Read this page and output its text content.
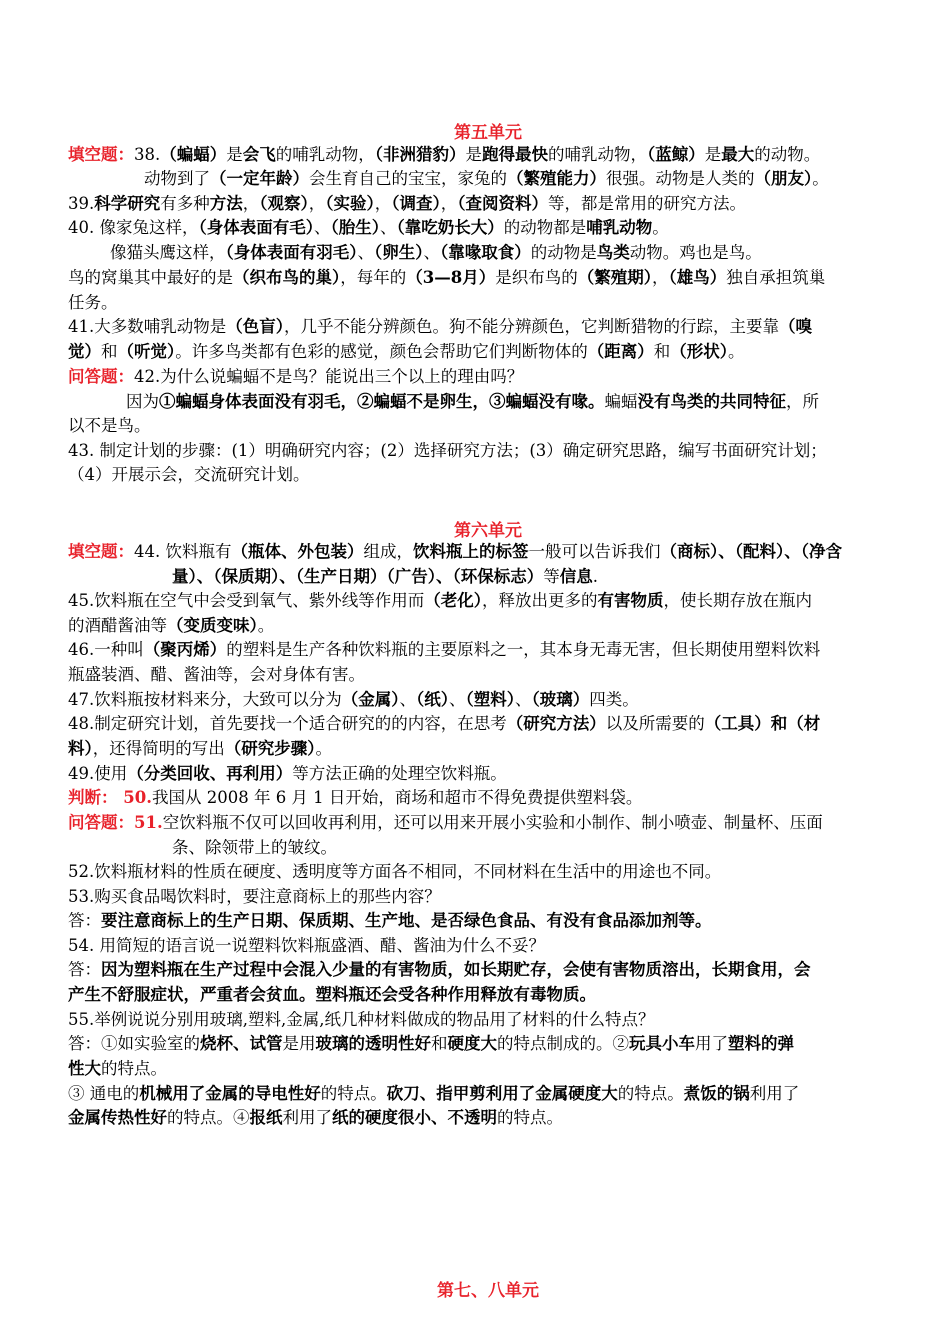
第五单元
填空题：38.（蝙蝠）是会飞的哺乳动物，（非洲猎豹）是跑得最快的哺乳动物，（蓝鲸）是最大的动物。
动物到了（一定年龄）会生育自己的宝宝，家兔的（繁殖能力）很强。动物是人类的（朋友）。
39.科学研究有多种方法，（观察），（实验），（调查），（查阅资料）等，都是常用的研究方法。
40. 像家兔这样，（身体表面有毛）、（胎生）、（靠吃奶长大）的动物都是哺乳动物。
像猫头鹰这样，（身体表面有羽毛）、（卵生）、（靠喙取食）的动物是鸟类动物。鸡也是鸟。
鸟的窝巢其中最好的是（织布鸟的巢），每年的（3—8月）是织布鸟的（繁殖期），（雄鸟）独自承担筑巢
任务。
41.大多数哺乳动物是（色盲），几乎不能分辨颜色。狗不能分辨颜色，它判断猎物的行踪，主要靠（嗅
觉）和（听觉）。许多鸟类都有色彩的感觉，颜色会帮助它们判断物体的（距离）和（形状）。
问答题：42.为什么说蝙蝠不是鸟？能说出三个以上的理由吗？
因为①蝙蝠身体表面没有羽毛，②蝙蝠不是卵生，③蝙蝠没有喙。蝙蝠没有鸟类的共同特征，所
以不是鸟。
43. 制定计划的步骤：(1）明确研究内容；(2）选择研究方法；(3）确定研究思路，编写书面研究计划；
（4）开展示会，交流研究计划。
第六单元
填空题：44. 饮料瓶有（瓶体、外包装）组成，饮料瓶上的标签一般可以告诉我们（商标）、（配料）、（净含
量）、（保质期）、（生产日期）（广告）、（环保标志）等信息.
45.饮料瓶在空气中会受到氧气、紫外线等作用而（老化），释放出更多的有害物质，使长期存放在瓶内
的酒醋酱油等（变质变味）。
46.一种叫（聚丙烯）的塑料是生产各种饮料瓶的主要原料之一，其本身无毒无害，但长期使用塑料饮料
瓶盛装酒、醋、酱油等，会对身体有害。
47.饮料瓶按材料来分，大致可以分为（金属）、（纸）、（塑料）、（玻璃）四类。
48.制定研究计划，首先要找一个适合研究的的内容，在思考（研究方法）以及所需要的（工具）和（材
料），还得简明的写出（研究步骤）。
49.使用（分类回收、再利用）等方法正确的处理空饮料瓶。
判断： 50.我国从 2008 年 6 月 1 日开始，商场和超市不得免费提供塑料袋。
问答题：51.空饮料瓶不仅可以回收再利用，还可以用来开展小实验和小制作、制小喷壶、制量杯、压面
条、除领带上的皱纹。
52.饮料瓶材料的性质在硬度、透明度等方面各不相同，不同材料在生活中的用途也不同。
53.购买食品喝饮料时，要注意商标上的那些内容？
答：要注意商标上的生产日期、保质期、生产地、是否绿色食品、有没有食品添加剂等。
54. 用简短的语言说一说塑料饮料瓶盛酒、醋、酱油为什么不妥？
答：因为塑料瓶在生产过程中会混入少量的有害物质，如长期贮存，会使有害物质溶出，长期食用，会
产生不舒服症状，严重者会贫血。塑料瓶还会受各种作用释放有毒物质。
55.举例说说分别用玻璃,塑料,金属,纸几种材料做成的物品用了材料的什么特点？
答：①如实验室的烧杯、试管是用玻璃的透明性好和硬度大的特点制成的。②玩具小车用了塑料的弹
性大的特点。
③ 通电的机械用了金属的导电性好的特点。砍刀、指甲剪利用了金属硬度大的特点。煮饭的锅利用了
金属传热性好的特点。④报纸利用了纸的硬度很小、不透明的特点。
第七、八单元
